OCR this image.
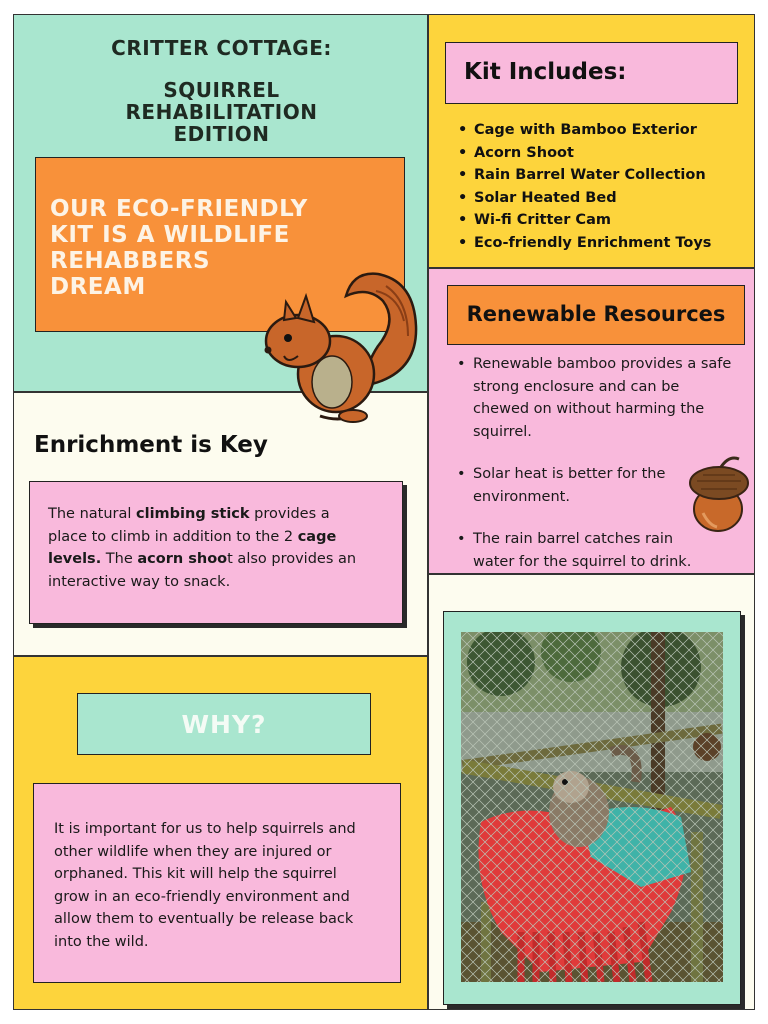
CRITTER COTTAGE:
SQUIRREL
REHABILITATION
EDITION
OUR ECO-FRIENDLY
KIT IS A WILDLIFE
REHABBERS
DREAM
Kit Includes:
• Cage with Bamboo Exterior
• Acorn Shoot
• Rain Barrel Water Collection
• Solar Heated Bed
• Wi-fi Critter Cam
• Eco-friendly Enrichment Toys
Renewable Resources
• Renewable bamboo provides a safe strong enclosure and can be chewed on without harming the squirrel.
• Solar heat is better for the environment.
• The rain barrel catches rain water for the squirrel to drink.
Enrichment is Key
The natural climbing stick provides a place to climb in addition to the 2 cage levels. The acorn shoot also provides an interactive way to snack.
WHY?
It is important for us to help squirrels and other wildlife when they are injured or orphaned. This kit will help the squirrel grow in an eco-friendly environment and allow them to eventually be release back into the wild.
